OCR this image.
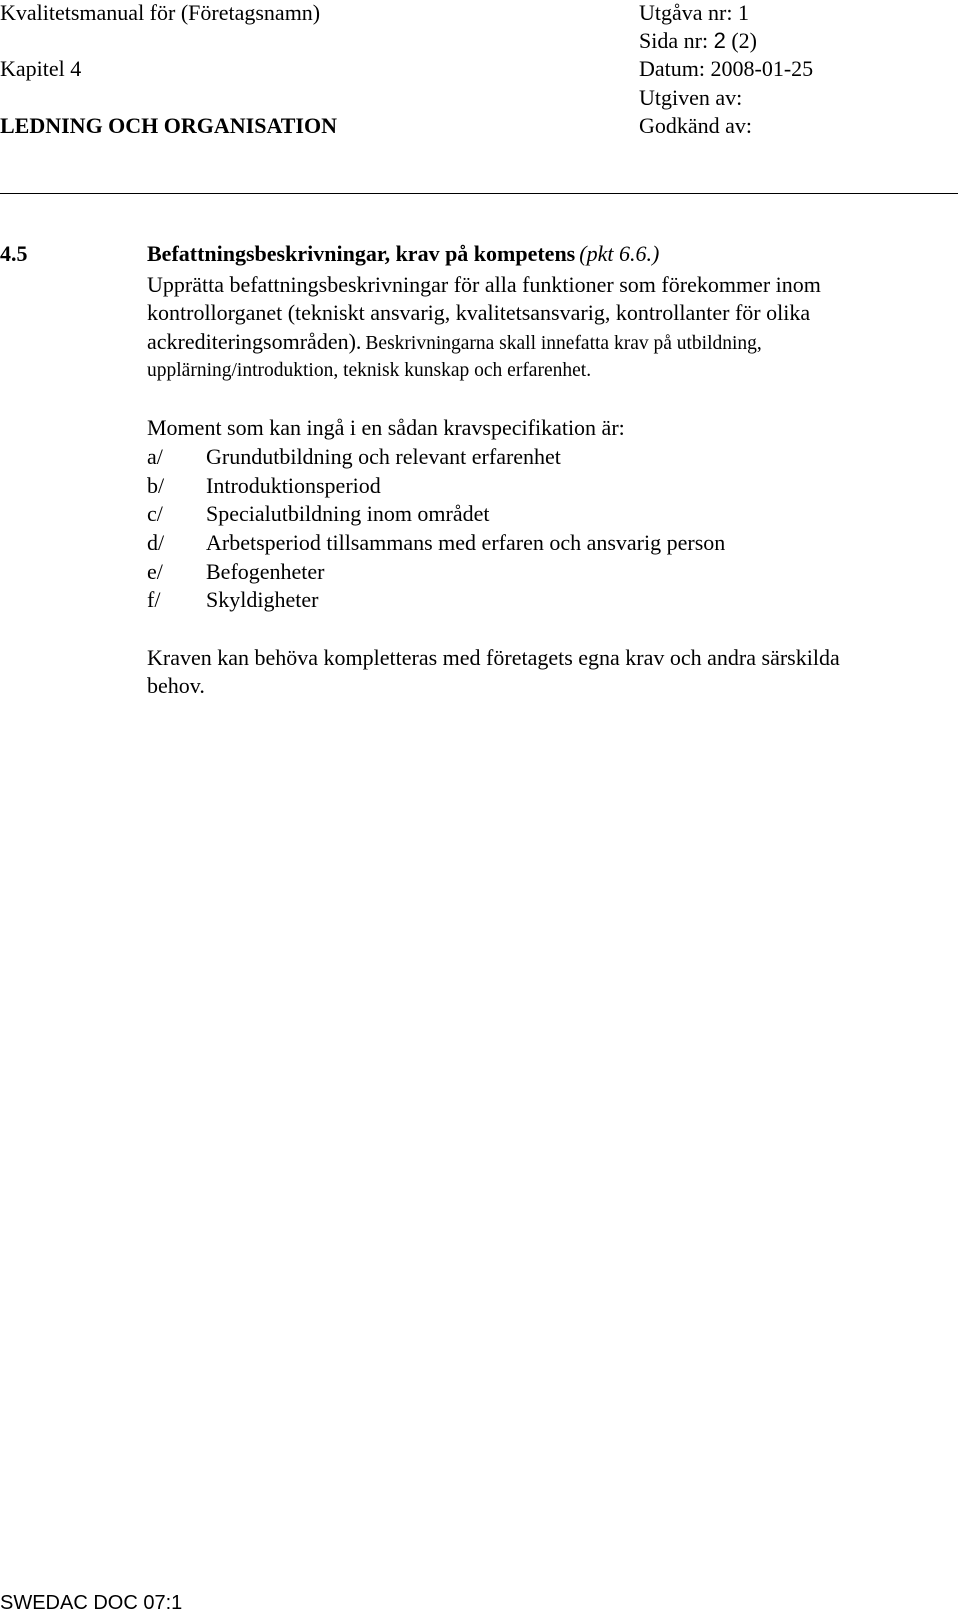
Kvalitetsmanual för (Företagsnamn)	Utgåva nr: 1
Sida nr: 2 (2)
Kapitel 4	Datum: 2008-01-25
Utgiven av:
LEDNING OCH ORGANISATION	Godkänd av:
4.5	Befattningsbeskrivningar, krav på kompetens (pkt 6.6.)
Upprätta befattningsbeskrivningar för alla funktioner som förekommer inom
kontrollorganet (tekniskt ansvarig, kvalitetsansvarig, kontrollanter för olika
ackrediteringsområden). Beskrivningarna skall innefatta krav på utbildning,
upplärning/introduktion, teknisk kunskap och erfarenhet.
Moment som kan ingå i en sådan kravspecifikation är:
a/ Grundutbildning och relevant erfarenhet
b/ Introduktionsperiod
c/ Specialutbildning inom området
d/ Arbetsperiod tillsammans med erfaren och ansvarig person
e/ Befogenheter
f/ Skyldigheter
Kraven kan behöva kompletteras med företagets egna krav och andra särskilda
behov.
SWEDAC DOC 07:1
